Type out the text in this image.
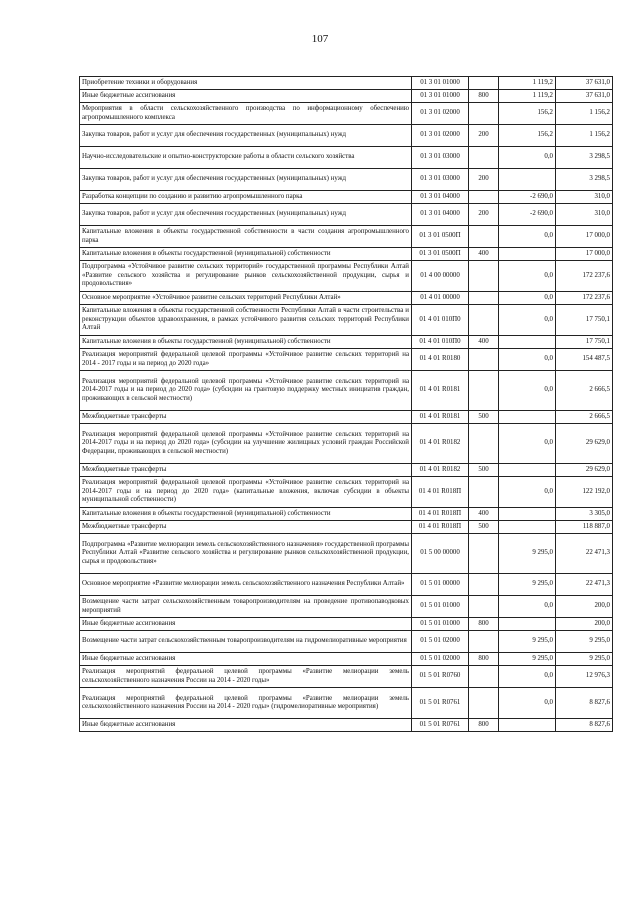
107
Приобретение техники и оборудования	01 3 01 01000		1 119,2	37 631,0
Иные бюджетные ассигнования	01 3 01 01000	800	1 119,2	37 631,0
Мероприятия в области сельскохозяйственного производства по информационному обеспечению агропромышленного комплекса	01 3 01 02000		156,2	1 156,2
Закупка товаров, работ и услуг для обеспечения государственных (муниципальных) нужд	01 3 01 02000	200	156,2	1 156,2
Научно-исследовательские и опытно-конструкторские работы в области сельского хозяйства	01 3 01 03000		0,0	3 298,5
Закупка товаров, работ и услуг для обеспечения государственных (муниципальных) нужд	01 3 01 03000	200		3 298,5
Разработка концепции по созданию и развитию агропромышленного парка	01 3 01 04000		-2 690,0	310,0
Закупка товаров, работ и услуг для обеспечения государственных (муниципальных) нужд	01 3 01 04000	200	-2 690,0	310,0
Капитальные вложения в объекты государственной собственности в части создания агропромышленного парка	01 3 01 0500П		0,0	17 000,0
Капитальные вложения в объекты государственной (муниципальной) собственности	01 3 01 0500П	400		17 000,0
Подпрограмма «Устойчивое развитие сельских территорий» государственной программы Республики Алтай «Развитие сельского хозяйства и регулирование рынков сельскохозяйственной продукции, сырья и продовольствия»	01 4 00 00000		0,0	172 237,6
Основное мероприятие «Устойчивое развитие сельских территорий Республики Алтай»	01 4 01 00000		0,0	172 237,6
Капитальные вложения в объекты государственной собственности Республики Алтай в части строительства и реконструкции объектов здравоохранения, в рамках устойчивого развития сельских территорий Республики Алтай	01 4 01 010П0		0,0	17 750,1
Капитальные вложения в объекты государственной (муниципальной) собственности	01 4 01 010П0	400		17 750,1
Реализация мероприятий федеральной целевой программы «Устойчивое развитие сельских территорий на 2014 - 2017 годы и на период до 2020 года»	01 4 01 R0180		0,0	154 487,5
Реализация мероприятий федеральной целевой программы «Устойчивое развитие сельских территорий на 2014-2017 годы и на период до 2020 года» (субсидии на грантовую поддержку местных инициатив граждан, проживающих в сельской местности)	01 4 01 R0181		0,0	2 666,5
Межбюджетные трансферты	01 4 01 R0181	500		2 666,5
Реализация мероприятий федеральной целевой программы «Устойчивое развитие сельских территорий на 2014-2017 годы и на период до 2020 года» (субсидии на улучшение жилищных условий граждан Российской Федерации, проживающих в сельской местности)	01 4 01 R0182		0,0	29 629,0
Межбюджетные трансферты	01 4 01 R0182	500		29 629,0
Реализация мероприятий федеральной целевой программы «Устойчивое развитие сельских территорий на 2014-2017 годы и на период до 2020 года» (капитальные вложения, включая субсидии в объекты муниципальной собственности)	01 4 01 R018П		0,0	122 192,0
Капитальные вложения в объекты государственной (муниципальной) собственности	01 4 01 R018П	400		3 305,0
Межбюджетные трансферты	01 4 01 R018П	500		118 887,0
Подпрограмма «Развитие мелиорации земель сельскохозяйственного назначения» государственной программы Республики Алтай «Развитие сельского хозяйства и регулирование рынков сельскохозяйственной продукции, сырья и продовольствия»	01 5 00 00000		9 295,0	22 471,3
Основное мероприятие «Развитие мелиорации земель сельскохозяйственного назначения Республики Алтай»	01 5 01 00000		9 295,0	22 471,3
Возмещение части затрат сельскохозяйственным товаропроизводителям на проведение противопаводковых мероприятий	01 5 01 01000		0,0	200,0
Иные бюджетные ассигнования	01 5 01 01000	800		200,0
Возмещение части затрат сельскохозяйственным товаропроизводителям на гидромелиоративные мероприятия	01 5 01 02000		9 295,0	9 295,0
Иные бюджетные ассигнования	01 5 01 02000	800	9 295,0	9 295,0
Реализация мероприятий федеральной целевой программы «Развитие мелиорации земель сельскохозяйственного назначения России на 2014 - 2020 годы»	01 5 01 R0760		0,0	12 976,3
Реализация мероприятий федеральной целевой программы «Развитие мелиорации земель сельскохозяйственного назначения России на 2014 - 2020 годы» (гидромелиоративные мероприятия)	01 5 01 R0761		0,0	8 827,6
Иные бюджетные ассигнования	01 5 01 R0761	800		8 827,6
